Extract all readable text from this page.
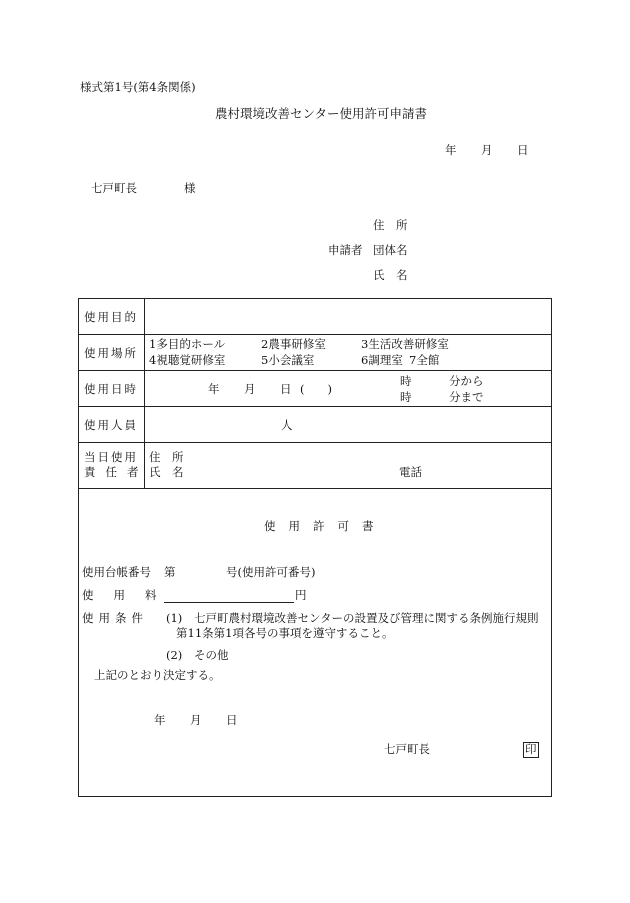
様式第1号(第4条関係)
農村環境改善センター使用許可申請書
年 月 日
七戸町長	様
住　所
申請者 団体名
氏　名
使用目的
使用場所
1多目的ホール	2農事研修室	3生活改善研修室
4視聴覚研修室	5小会議室	6調理室 7全館
使用日時	年 月 日 (　　)
時	分から
時	分まで
使用人員	人
当日使用
責任者
住　所
氏　名	電話
使用許可書
使用台帳番号 第	号(使用許可番号)
使用料	円
使用条件 (1) 七戸町農村環境改善センターの設置及び管理に関する条例施行規則
第11条第1項各号の事項を遵守すること。
(2) その他
上記のとおり決定する。
年 月 日
七戸町長	印
